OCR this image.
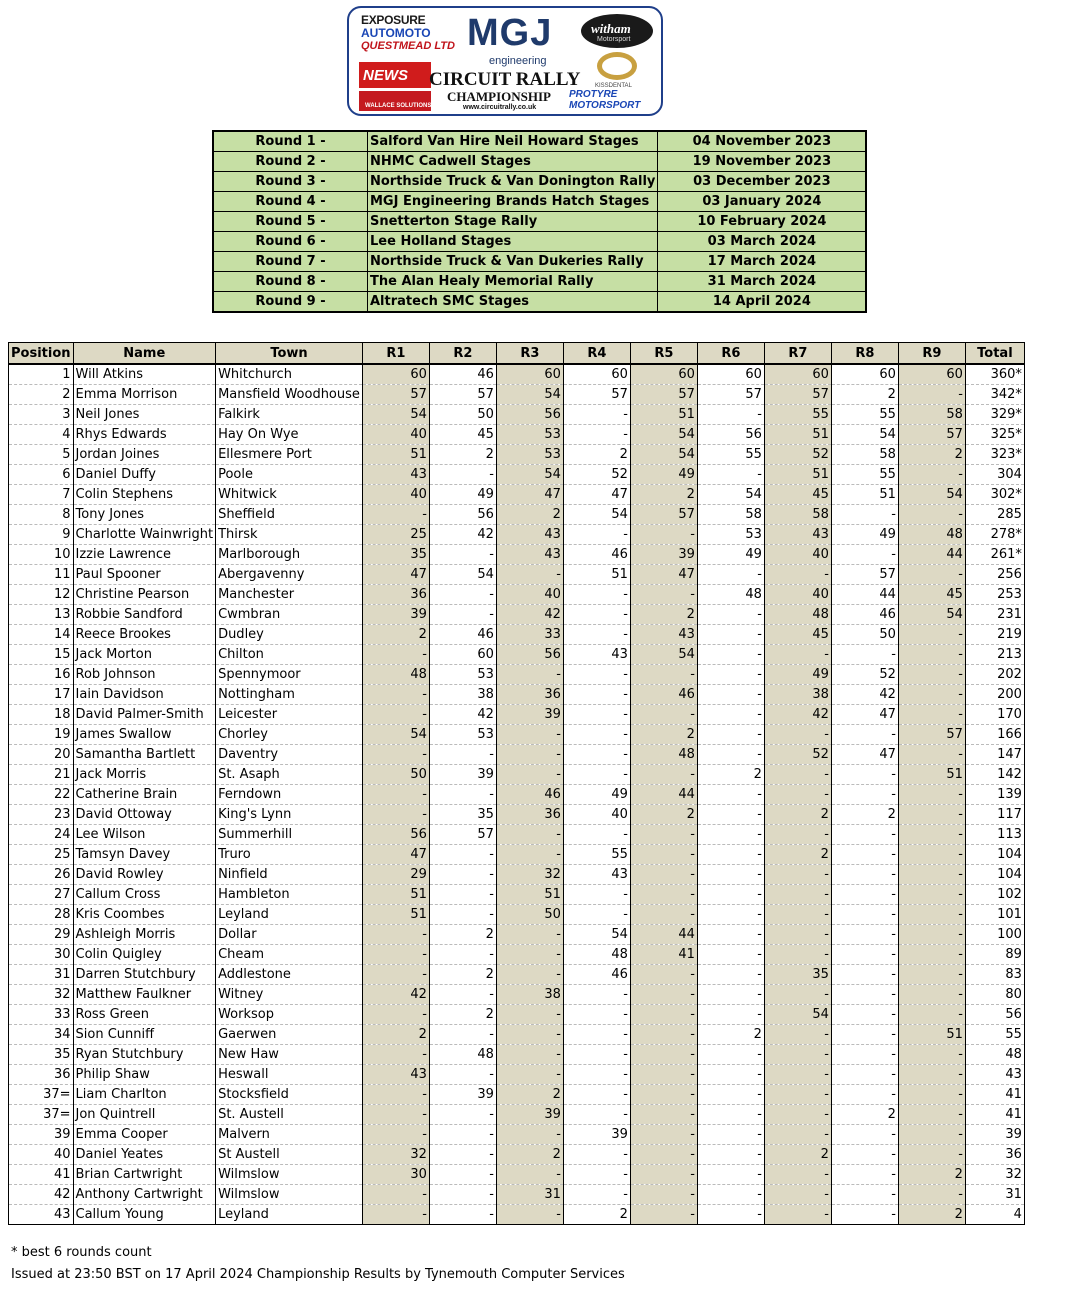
EXPOSURE
AUTOMOTO
QUESTMEAD LTD
NEWS
WALLACE SOLUTIONS
MGJ
engineering
CIRCUIT RALLY
CHAMPIONSHIP
www.circuitrally.co.uk
witham
Motorsport
KISSDENTAL
PROTYRE
MOTORSPORT
Round 1 -	Salford Van Hire Neil Howard Stages	04 November 2023
Round 2 -	NHMC Cadwell Stages	19 November 2023
Round 3 -	Northside Truck & Van Donington Rally	03 December 2023
Round 4 -	MGJ Engineering Brands Hatch Stages	03 January 2024
Round 5 -	Snetterton Stage Rally	10 February 2024
Round 6 -	Lee Holland Stages	03 March 2024
Round 7 -	Northside Truck & Van Dukeries Rally	17 March 2024
Round 8 -	The Alan Healy Memorial Rally	31 March 2024
Round 9 -	Altratech SMC Stages	14 April 2024
Position	Name	Town	R1	R2	R3	R4	R5	R6	R7	R8	R9	Total
1	Will Atkins	Whitchurch	60	46	60	60	60	60	60	60	60	360*
2	Emma Morrison	Mansfield Woodhouse	57	57	54	57	57	57	57	2	-	342*
3	Neil Jones	Falkirk	54	50	56	-	51	-	55	55	58	329*
4	Rhys Edwards	Hay On Wye	40	45	53	-	54	56	51	54	57	325*
5	Jordan Joines	Ellesmere Port	51	2	53	2	54	55	52	58	2	323*
6	Daniel Duffy	Poole	43	-	54	52	49	-	51	55	-	304
7	Colin Stephens	Whitwick	40	49	47	47	2	54	45	51	54	302*
8	Tony Jones	Sheffield	-	56	2	54	57	58	58	-	-	285
9	Charlotte Wainwright	Thirsk	25	42	43	-	-	53	43	49	48	278*
10	Izzie Lawrence	Marlborough	35	-	43	46	39	49	40	-	44	261*
11	Paul Spooner	Abergavenny	47	54	-	51	47	-	-	57	-	256
12	Christine Pearson	Manchester	36	-	40	-	-	48	40	44	45	253
13	Robbie Sandford	Cwmbran	39	-	42	-	2	-	48	46	54	231
14	Reece Brookes	Dudley	2	46	33	-	43	-	45	50	-	219
15	Jack Morton	Chilton	-	60	56	43	54	-	-	-	-	213
16	Rob Johnson	Spennymoor	48	53	-	-	-	-	49	52	-	202
17	Iain Davidson	Nottingham	-	38	36	-	46	-	38	42	-	200
18	David Palmer-Smith	Leicester	-	42	39	-	-	-	42	47	-	170
19	James Swallow	Chorley	54	53	-	-	2	-	-	-	57	166
20	Samantha Bartlett	Daventry	-	-	-	-	48	-	52	47	-	147
21	Jack Morris	St. Asaph	50	39	-	-	-	2	-	-	51	142
22	Catherine Brain	Ferndown	-	-	46	49	44	-	-	-	-	139
23	David Ottoway	King's Lynn	-	35	36	40	2	-	2	2	-	117
24	Lee Wilson	Summerhill	56	57	-	-	-	-	-	-	-	113
25	Tamsyn Davey	Truro	47	-	-	55	-	-	2	-	-	104
26	David Rowley	Ninfield	29	-	32	43	-	-	-	-	-	104
27	Callum Cross	Hambleton	51	-	51	-	-	-	-	-	-	102
28	Kris Coombes	Leyland	51	-	50	-	-	-	-	-	-	101
29	Ashleigh Morris	Dollar	-	2	-	54	44	-	-	-	-	100
30	Colin Quigley	Cheam	-	-	-	48	41	-	-	-	-	89
31	Darren Stutchbury	Addlestone	-	2	-	46	-	-	35	-	-	83
32	Matthew Faulkner	Witney	42	-	38	-	-	-	-	-	-	80
33	Ross Green	Worksop	-	2	-	-	-	-	54	-	-	56
34	Sion Cunniff	Gaerwen	2	-	-	-	-	2	-	-	51	55
35	Ryan Stutchbury	New Haw	-	48	-	-	-	-	-	-	-	48
36	Philip Shaw	Heswall	43	-	-	-	-	-	-	-	-	43
37=	Liam Charlton	Stocksfield	-	39	2	-	-	-	-	-	-	41
37=	Jon Quintrell	St. Austell	-	-	39	-	-	-	-	2	-	41
39	Emma Cooper	Malvern	-	-	-	39	-	-	-	-	-	39
40	Daniel Yeates	St Austell	32	-	2	-	-	-	2	-	-	36
41	Brian Cartwright	Wilmslow	30	-	-	-	-	-	-	-	2	32
42	Anthony Cartwright	Wilmslow	-	-	31	-	-	-	-	-	-	31
43	Callum Young	Leyland	-	-	-	2	-	-	-	-	2	4
* best 6 rounds count
Issued at 23:50 BST on 17 April 2024 Championship Results by Tynemouth Computer Services
